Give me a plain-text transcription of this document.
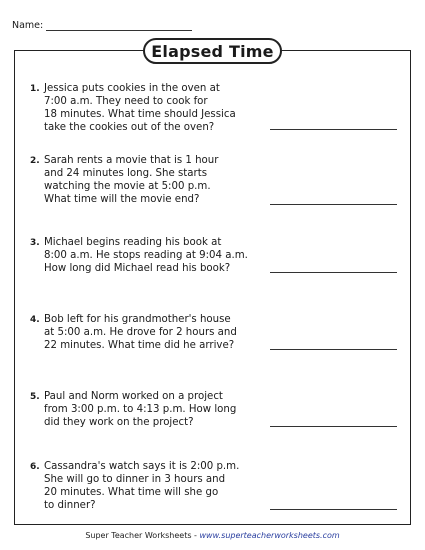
Name:
Elapsed Time
1. Jessica puts cookies in the oven at
7:00 a.m. They need to cook for
18 minutes. What time should Jessica
take the cookies out of the oven?
2. Sarah rents a movie that is 1 hour
and 24 minutes long. She starts
watching the movie at 5:00 p.m.
What time will the movie end?
3. Michael begins reading his book at
8:00 a.m. He stops reading at 9:04 a.m.
How long did Michael read his book?
4. Bob left for his grandmother's house
at 5:00 a.m. He drove for 2 hours and
22 minutes. What time did he arrive?
5. Paul and Norm worked on a project
from 3:00 p.m. to 4:13 p.m. How long
did they work on the project?
6. Cassandra's watch says it is 2:00 p.m.
She will go to dinner in 3 hours and
20 minutes. What time will she go
to dinner?
Super Teacher Worksheets - www.superteacherworksheets.com
